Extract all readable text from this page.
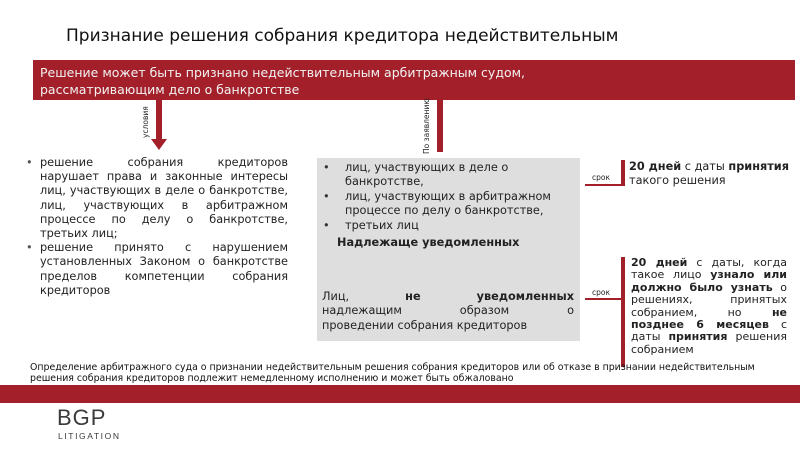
Признание решения собрания кредитора недействительным
Решение может быть признано недействительным арбитражным судом,
рассматривающим дело о банкротстве
условия	По заявлению
• решение собрания кредиторов нарушает права и законные интересы лиц, участвующих в деле о банкротстве, лиц, участвующих в арбитражном процессе по делу о банкротстве, третьих лиц;
• решение принято с нарушением установленных Законом о банкротстве пределов компетенции собрания кредиторов
• лиц, участвующих в деле о банкротстве,
• лиц, участвующих в арбитражном процессе по делу о банкротстве,
• третьих лиц
Надлежаще уведомленных
Лиц,	не	уведомленных
надлежащим	образом	о
проведении собрания кредиторов
срок
20 дней с даты принятия такого решения
срок
20 дней с даты, когда такое лицо узнало или должно было узнать о решениях, принятых собранием, но не позднее 6 месяцев с даты принятия решения собранием
Определение арбитражного суда о признании недействительным решения собрания кредиторов или об отказе в признании недействительным решения собрания кредиторов подлежит немедленному исполнению и может быть обжаловано
BGP
LITIGATION
